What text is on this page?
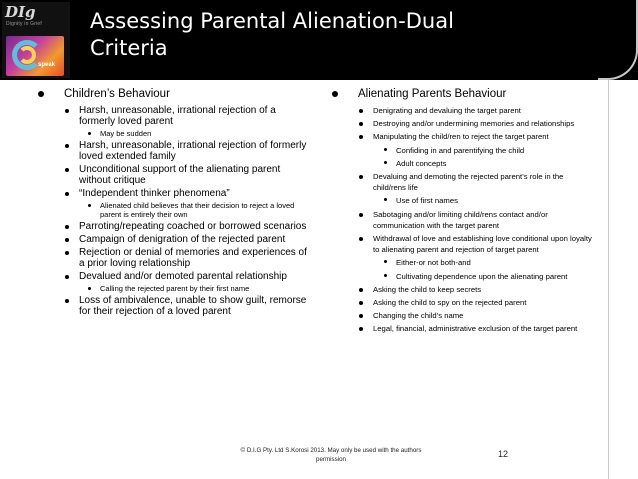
DIg
Dignity in Grief
speak
Assessing Parental Alienation-Dual
Criteria
Children’s Behaviour
Harsh, unreasonable, irrational rejection of a formerly loved parent
May be sudden
Harsh, unreasonable, irrational rejection of formerly loved extended family
Unconditional support of the alienating parent without critique
“Independent thinker phenomena”
Alienated child believes that their decision to reject a loved parent is entirely their own
Parroting/repeating coached or borrowed scenarios
Campaign of denigration of the rejected parent
Rejection or denial of memories and experiences of a prior loving relationship
Devalued and/or demoted parental relationship
Calling the rejected parent by their first name
Loss of ambivalence, unable to show guilt, remorse for their rejection of a loved parent
Alienating Parents Behaviour
Denigrating and devaluing the target parent
Destroying and/or undermining memories and relationships
Manipulating the child/ren to reject the target parent
Confiding in and parentifying the child
Adult concepts
Devaluing and demoting the rejected parent’s role in the child/rens life
Use of first names
Sabotaging and/or limiting child/rens contact and/or communication with the target parent
Withdrawal of love and establishing love conditional upon loyalty to alienating parent and rejection of target parent
Either-or not both-and
Cultivating dependence upon the alienating parent
Asking the child to keep secrets
Asking the child to spy on the rejected parent
Changing the child’s name
Legal, financial, administrative exclusion of the target parent
© D.I.G Pty. Ltd S.Korosi 2013. May only be used with the authors permission
12
